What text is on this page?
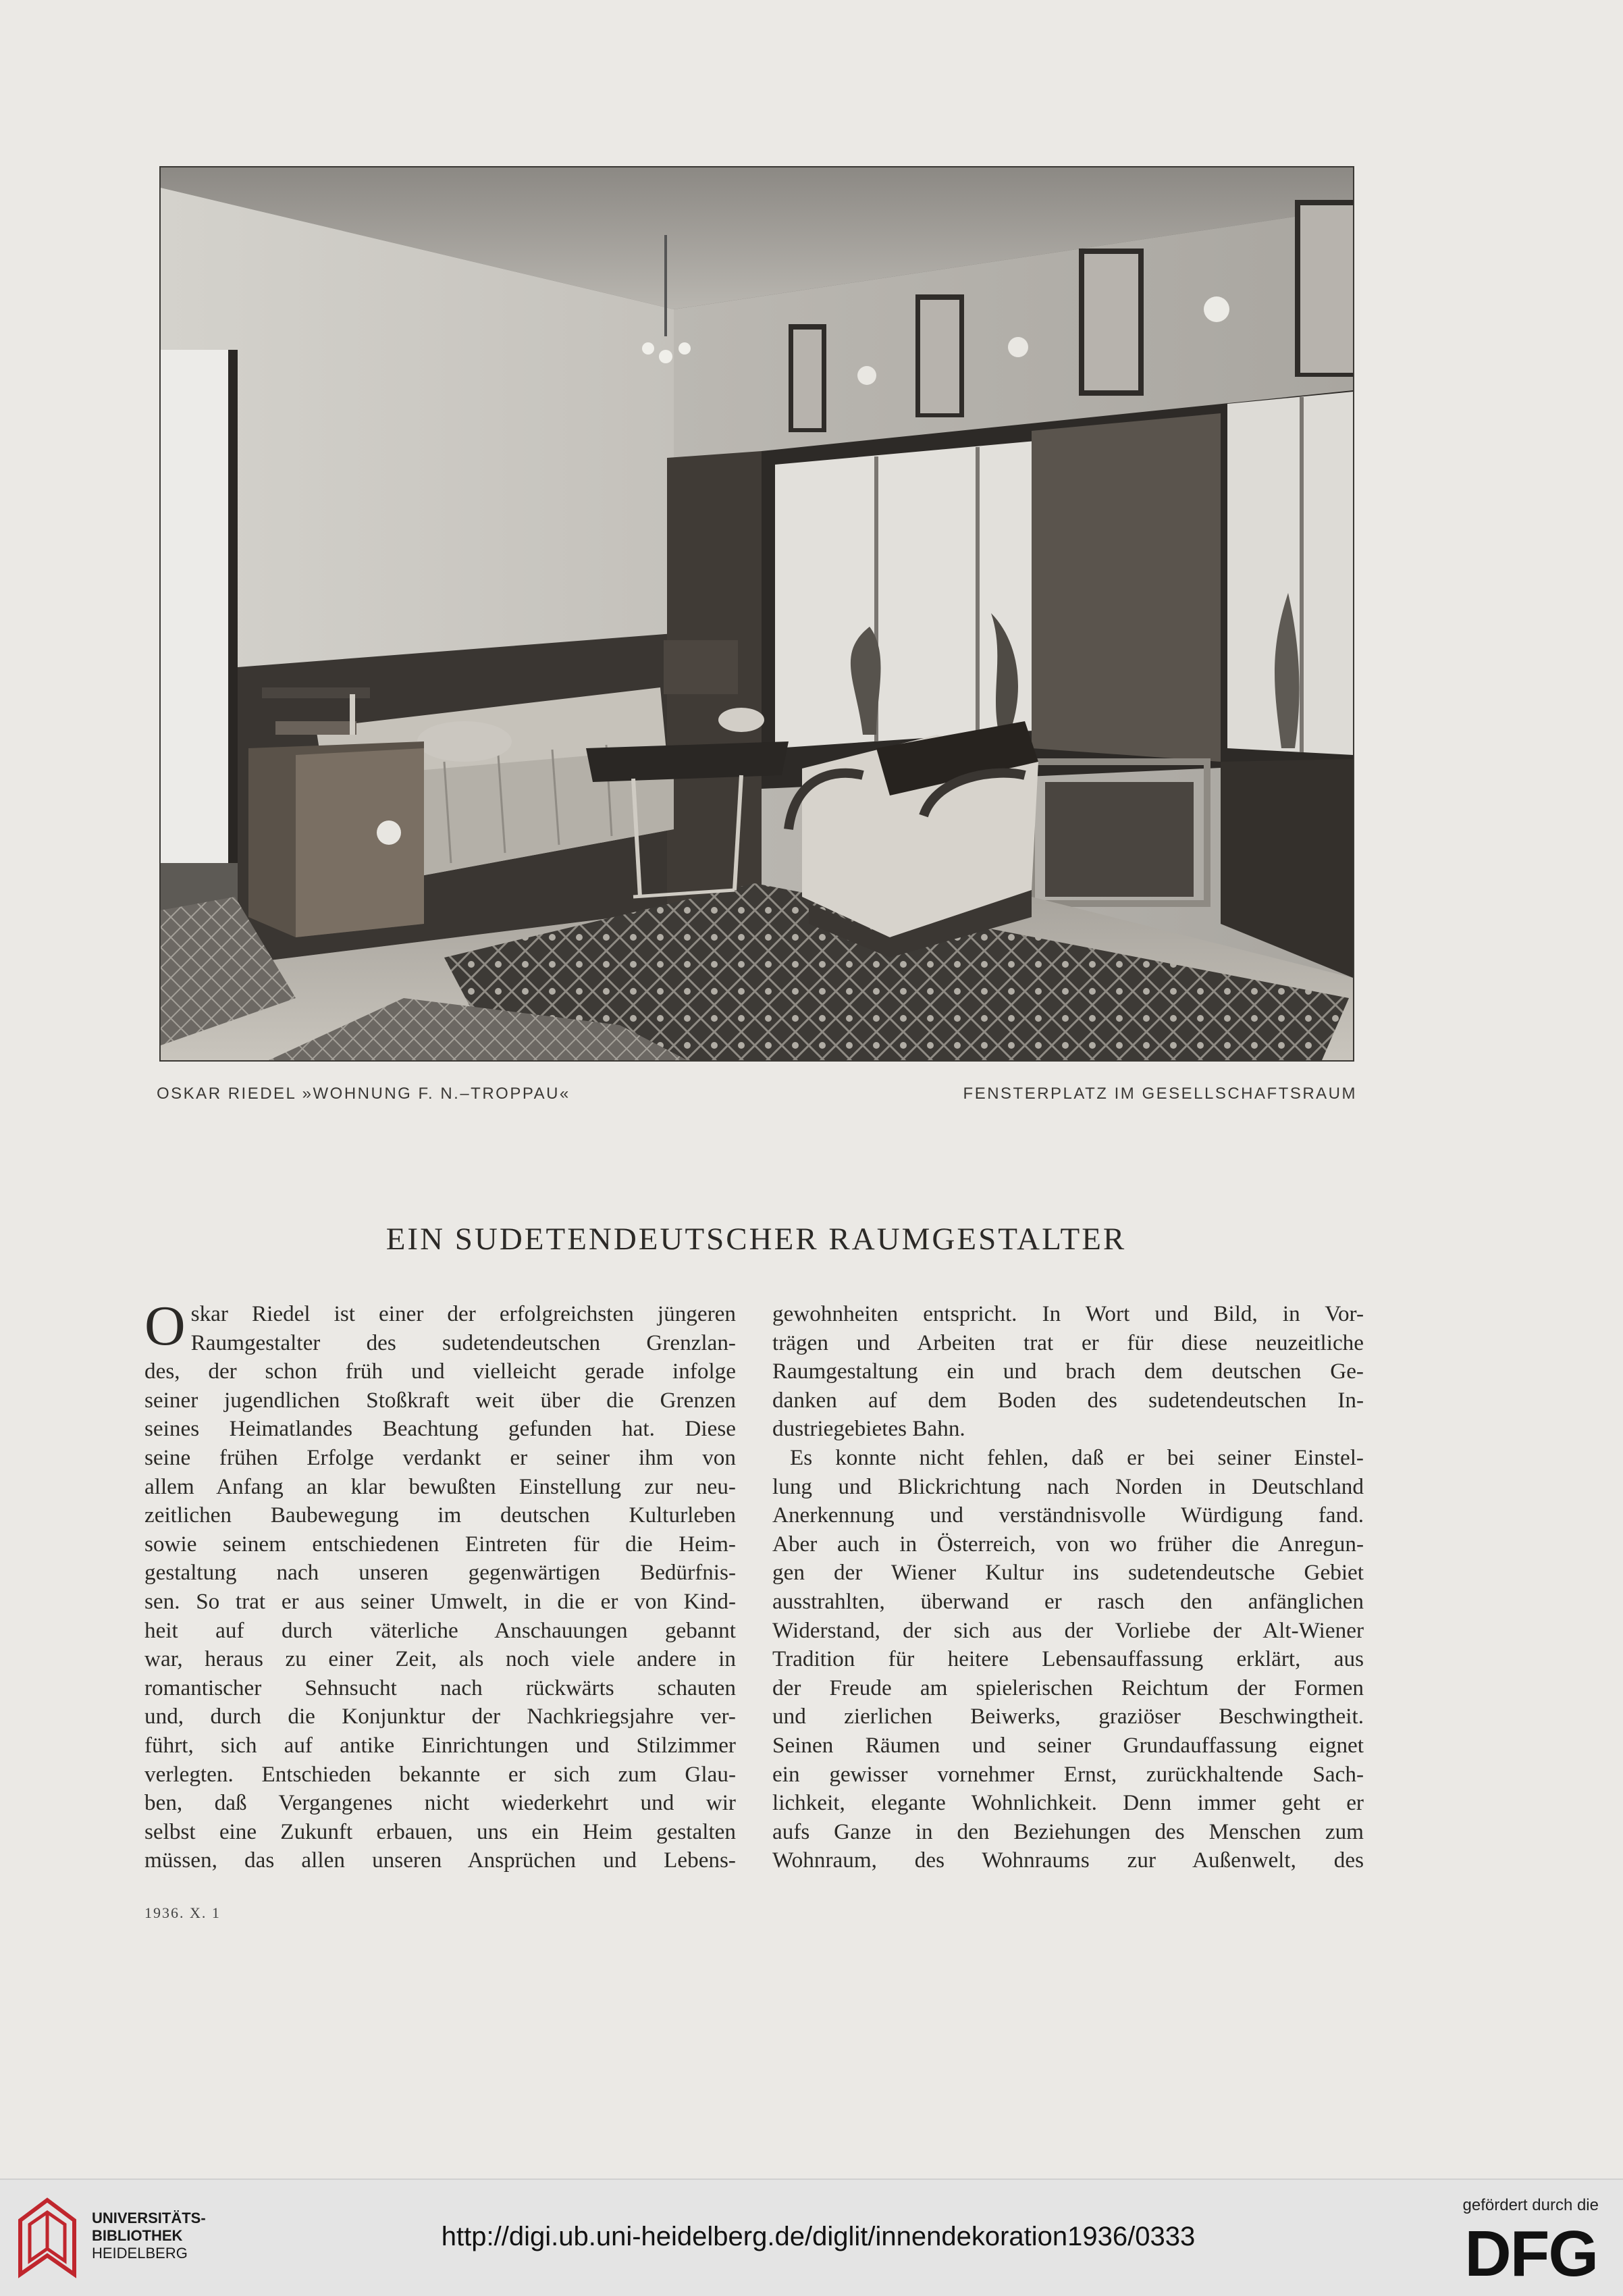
OSKAR RIEDEL »WOHNUNG F. N.–TROPPAU«	FENSTERPLATZ IM GESELLSCHAFTSRAUM
EIN SUDETENDEUTSCHER RAUMGESTALTER

O skar Riedel ist einer der erfolgreichsten jüngeren
Raumgestalter des sudetendeutschen Grenzlan-
des, der schon früh und vielleicht gerade infolge
seiner jugendlichen Stoßkraft weit über die Grenzen
seines Heimatlandes Beachtung gefunden hat. Diese
seine frühen Erfolge verdankt er seiner ihm von
allem Anfang an klar bewußten Einstellung zur neu-
zeitlichen Baubewegung im deutschen Kulturleben
sowie seinem entschiedenen Eintreten für die Heim-
gestaltung nach unseren gegenwärtigen Bedürfnis-
sen. So trat er aus seiner Umwelt, in die er von Kind-
heit auf durch väterliche Anschauungen gebannt
war, heraus zu einer Zeit, als noch viele andere in
romantischer Sehnsucht nach rückwärts schauten
und, durch die Konjunktur der Nachkriegsjahre ver-
führt, sich auf antike Einrichtungen und Stilzimmer
verlegten. Entschieden bekannte er sich zum Glau-
ben, daß Vergangenes nicht wiederkehrt und wir
selbst eine Zukunft erbauen, uns ein Heim gestalten
müssen, das allen unseren Ansprüchen und Lebens-

gewohnheiten entspricht. In Wort und Bild, in Vor-
trägen und Arbeiten trat er für diese neuzeitliche
Raumgestaltung ein und brach dem deutschen Ge-
danken auf dem Boden des sudetendeutschen In-
dustriegebietes Bahn.

Es konnte nicht fehlen, daß er bei seiner Einstel-
lung und Blickrichtung nach Norden in Deutschland
Anerkennung und verständnisvolle Würdigung fand.
Aber auch in Österreich, von wo früher die Anregun-
gen der Wiener Kultur ins sudetendeutsche Gebiet
ausstrahlten, überwand er rasch den anfänglichen
Widerstand, der sich aus der Vorliebe der Alt-Wiener
Tradition für heitere Lebensauffassung erklärt, aus
der Freude am spielerischen Reichtum der Formen
und zierlichen Beiwerks, graziöser Beschwingtheit.
Seinen Räumen und seiner Grundauffassung eignet
ein gewisser vornehmer Ernst, zurückhaltende Sach-
lichkeit, elegante Wohnlichkeit. Denn immer geht er
aufs Ganze in den Beziehungen des Menschen zum
Wohnraum, des Wohnraums zur Außenwelt, des

1936. X. 1
UNIVERSITÄTS-
BIBLIOTHEK
HEIDELBERG
http://digi.ub.uni-heidelberg.de/diglit/innendekoration1936/0333
gefördert durch die
DFG
